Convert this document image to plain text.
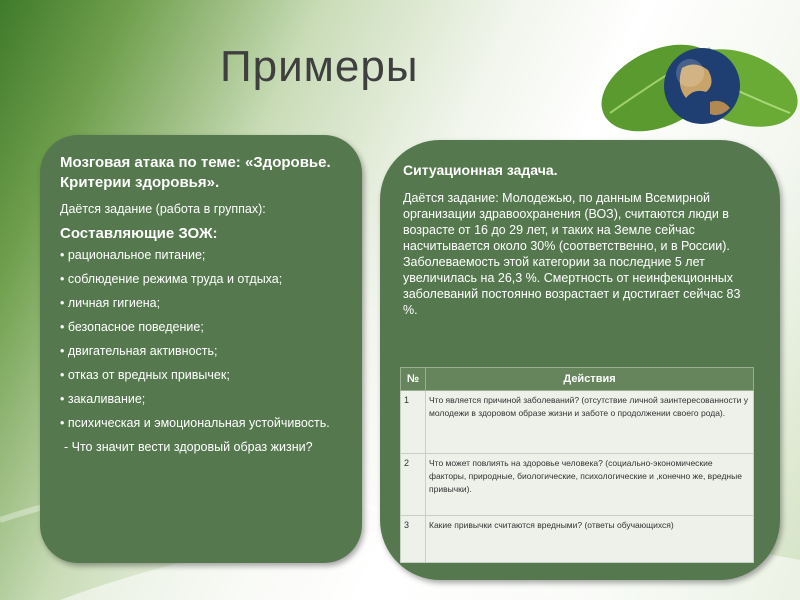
Примеры
Мозговая атака по теме: «Здоровье. Критерии здоровья».
Даётся задание (работа в группах):
Составляющие ЗОЖ:
• рациональное питание;
• соблюдение режима труда и отдыха;
• личная гигиена;
• безопасное поведение;
• двигательная активность;
• отказ от вредных привычек;
• закаливание;
• психическая и эмоциональная устойчивость.
- Что значит вести здоровый образ жизни?
Ситуационная задача.
Даётся задание: Молодежью, по данным Всемирной организации здравоохранения (ВОЗ), считаются люди в возрасте от 16 до 29 лет, и таких на Земле сейчас насчитывается около 30% (соответственно, и в России). Заболеваемость этой категории за последние 5 лет увеличилась на 26,3 %. Смертность от неинфекционных заболеваний постоянно возрастает и достигает сейчас 83 %.
№	Действия
1	Что является причиной заболеваний? (отсутствие личной заинтересованности у молодежи в здоровом образе жизни и заботе о продолжении своего рода).
2	Что может повлиять на здоровье человека? (социально-экономические факторы, природные, биологические, психологические и ,конечно же, вредные привычки).
3	Какие привычки считаются вредными? (ответы обучающихся)
